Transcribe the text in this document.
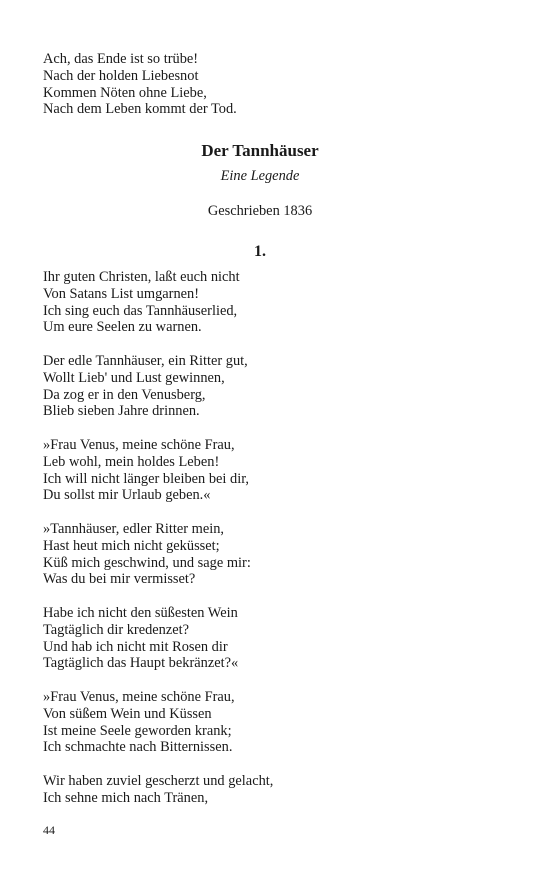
Ach, das Ende ist so trübe!
Nach der holden Liebesnot
Kommen Nöten ohne Liebe,
Nach dem Leben kommt der Tod.

Der Tannhäuser

Eine Legende

Geschrieben 1836

1.

Ihr guten Christen, laßt euch nicht
Von Satans List umgarnen!
Ich sing euch das Tannhäuserlied,
Um eure Seelen zu warnen.
Der edle Tannhäuser, ein Ritter gut,
Wollt Lieb' und Lust gewinnen,
Da zog er in den Venusberg,
Blieb sieben Jahre drinnen.
»Frau Venus, meine schöne Frau,
Leb wohl, mein holdes Leben!
Ich will nicht länger bleiben bei dir,
Du sollst mir Urlaub geben.«
»Tannhäuser, edler Ritter mein,
Hast heut mich nicht geküsset;
Küß mich geschwind, und sage mir:
Was du bei mir vermisset?
Habe ich nicht den süßesten Wein
Tagtäglich dir kredenzet?
Und hab ich nicht mit Rosen dir
Tagtäglich das Haupt bekränzet?«
»Frau Venus, meine schöne Frau,
Von süßem Wein und Küssen
Ist meine Seele geworden krank;
Ich schmachte nach Bitternissen.
Wir haben zuviel gescherzt und gelacht,
Ich sehne mich nach Tränen,

44
